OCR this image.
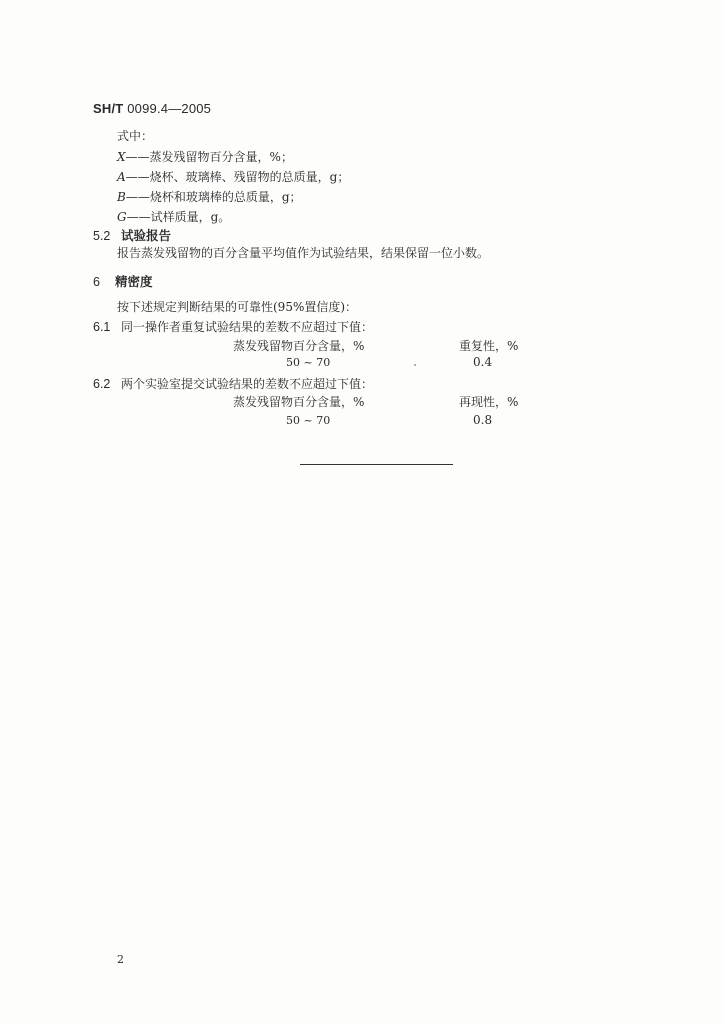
SH/T 0099.4—2005
式中：
X——蒸发残留物百分含量，%；
A——烧杯、玻璃棒、残留物的总质量，g；
B——烧杯和玻璃棒的总质量，g；
G——试样质量，g。
5.2 试验报告
报告蒸发残留物的百分含量平均值作为试验结果，结果保留一位小数。
6 精密度
按下述规定判断结果的可靠性(95%置信度)：
6.1 同一操作者重复试验结果的差数不应超过下值：
蒸发残留物百分含量，%	重复性，%
50 ~ 70	0.4
6.2 两个实验室提交试验结果的差数不应超过下值：
蒸发残留物百分含量，%	再现性，%
50 ~ 70	0.8
2
